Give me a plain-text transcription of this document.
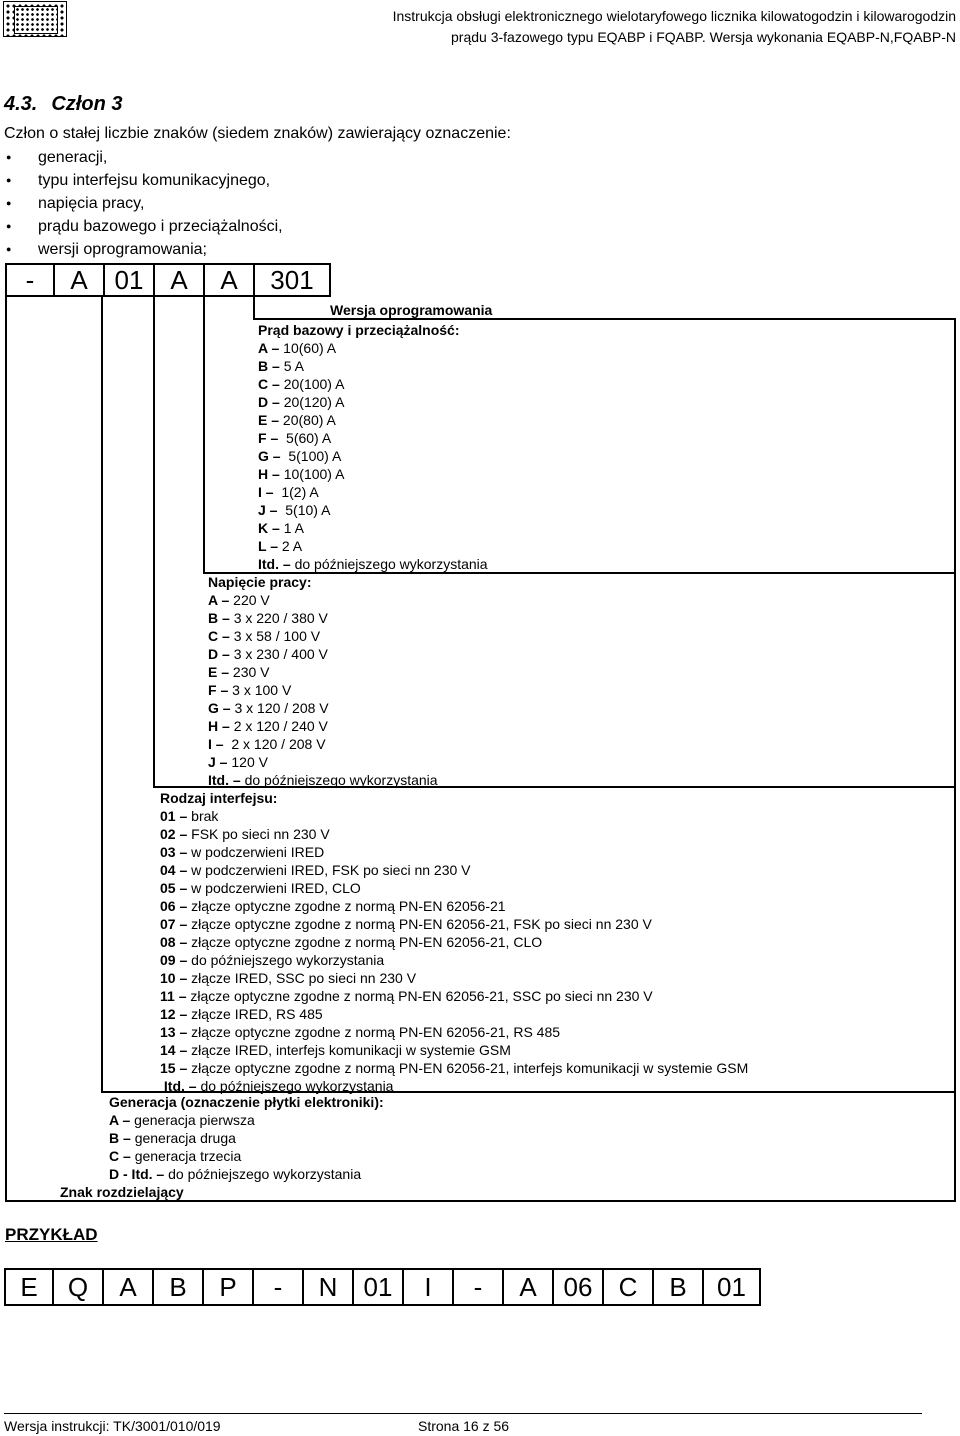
Instrukcja obsługi elektronicznego wielotaryfowego licznika kilowatogodzin i kilowarogodzin
prądu 3-fazowego typu EQABP i FQABP. Wersja wykonania EQABP-N,FQABP-N
4.3. Człon 3
Człon o stałej liczbie znaków (siedem znaków) zawierający oznaczenie:
● generacji,
● typu interfejsu komunikacyjnego,
● napięcia pracy,
● prądu bazowego i przeciążalności,
● wersji oprogramowania;
-	A	01	A	A	301
Wersja oprogramowania
Prąd bazowy i przeciążalność:
A – 10(60) A
B – 5 A
C – 20(100) A
D – 20(120) A
E – 20(80) A
F –  5(60) A
G –  5(100) A
H – 10(100) A
I –  1(2) A
J –  5(10) A
K – 1 A
L – 2 A
Itd. – do późniejszego wykorzystania
Napięcie pracy:
A – 220 V
B – 3 x 220 / 380 V
C – 3 x 58 / 100 V
D – 3 x 230 / 400 V
E – 230 V
F – 3 x 100 V
G – 3 x 120 / 208 V
H – 2 x 120 / 240 V
I –  2 x 120 / 208 V
J – 120 V
Itd. – do późniejszego wykorzystania
Rodzaj interfejsu:
01 – brak
02 – FSK po sieci nn 230 V
03 – w podczerwieni IRED
04 – w podczerwieni IRED, FSK po sieci nn 230 V
05 – w podczerwieni IRED, CLO
06 – złącze optyczne zgodne z normą PN-EN 62056-21
07 – złącze optyczne zgodne z normą PN-EN 62056-21, FSK po sieci nn 230 V
08 – złącze optyczne zgodne z normą PN-EN 62056-21, CLO
09 – do późniejszego wykorzystania
10 – złącze IRED, SSC po sieci nn 230 V
11 – złącze optyczne zgodne z normą PN-EN 62056-21, SSC po sieci nn 230 V
12 – złącze IRED, RS 485
13 – złącze optyczne zgodne z normą PN-EN 62056-21, RS 485
14 – złącze IRED, interfejs komunikacji w systemie GSM
15 – złącze optyczne zgodne z normą PN-EN 62056-21, interfejs komunikacji w systemie GSM
Itd. – do późniejszego wykorzystania
Generacja (oznaczenie płytki elektroniki):
A – generacja pierwsza
B – generacja druga
C – generacja trzecia
D - Itd. – do późniejszego wykorzystania
Znak rozdzielający
PRZYKŁAD
E	Q	A	B	P	-	N	01	I	-	A	06	C	B	01
Wersja instrukcji: TK/3001/010/019	Strona 16 z 56
